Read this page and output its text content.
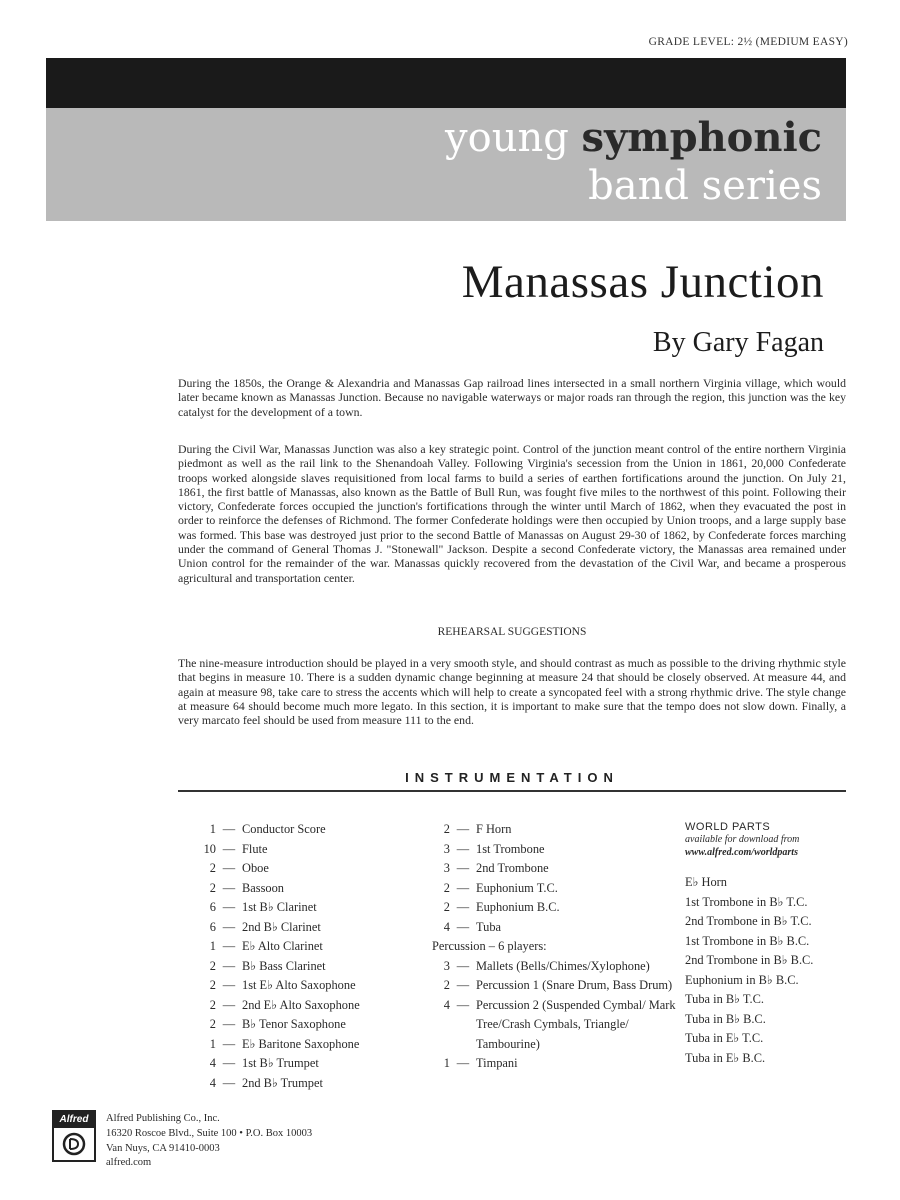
GRADE LEVEL: 2½ (MEDIUM EASY)
young symphonic
band series
Manassas Junction
By Gary Fagan

During the 1850s, the Orange & Alexandria and Manassas Gap railroad lines intersected in a small northern Virginia village, which would later became known as Manassas Junction. Because no navigable waterways or major roads ran through the region, this junction was the key catalyst for the development of a town.

During the Civil War, Manassas Junction was also a key strategic point. Control of the junction meant control of the entire northern Virginia piedmont as well as the rail link to the Shenandoah Valley. Following Virginia's secession from the Union in 1861, 20,000 Confederate troops worked alongside slaves requisitioned from local farms to build a series of earthen fortifications around the junction. On July 21, 1861, the first battle of Manassas, also known as the Battle of Bull Run, was fought five miles to the northwest of this point. Following their victory, Confederate forces occupied the junction's fortifications through the winter until March of 1862, when they evacuated the post in order to reinforce the defenses of Richmond. The former Confederate holdings were then occupied by Union troops, and a large supply base was formed. This base was destroyed just prior to the second Battle of Manassas on August 29-30 of 1862, by Confederate forces marching under the command of General Thomas J. "Stonewall" Jackson. Despite a second Confederate victory, the Manassas area remained under Union control for the remainder of the war. Manassas quickly recovered from the devastation of the Civil War, and became a prosperous agricultural and transportation center.

REHEARSAL SUGGESTIONS

The nine-measure introduction should be played in a very smooth style, and should contrast as much as possible to the driving rhythmic style that begins in measure 10. There is a sudden dynamic change beginning at measure 24 that should be closely observed. At measure 44, and again at measure 98, take care to stress the accents which will help to create a syncopated feel with a strong rhythmic drive. The style change at measure 64 should become much more legato. In this section, it is important to make sure that the tempo does not slow down. Finally, a very marcato feel should be used from measure 111 to the end.

INSTRUMENTATION
1 — Conductor Score
10 — Flute
2 — Oboe
2 — Bassoon
6 — 1st B♭ Clarinet
6 — 2nd B♭ Clarinet
1 — E♭ Alto Clarinet
2 — B♭ Bass Clarinet
2 — 1st E♭ Alto Saxophone
2 — 2nd E♭ Alto Saxophone
2 — B♭ Tenor Saxophone
1 — E♭ Baritone Saxophone
4 — 1st B♭ Trumpet
4 — 2nd B♭ Trumpet
2 — F Horn
3 — 1st Trombone
3 — 2nd Trombone
2 — Euphonium T.C.
2 — Euphonium B.C.
4 — Tuba
Percussion – 6 players:
3 — Mallets (Bells/Chimes/Xylophone)
2 — Percussion 1 (Snare Drum, Bass Drum)
4 — Percussion 2 (Suspended Cymbal/ Mark Tree/Crash Cymbals, Triangle/ Tambourine)
1 — Timpani
WORLD PARTS
available for download from
www.alfred.com/worldparts
E♭ Horn
1st Trombone in B♭ T.C.
2nd Trombone in B♭ T.C.
1st Trombone in B♭ B.C.
2nd Trombone in B♭ B.C.
Euphonium in B♭ B.C.
Tuba in B♭ T.C.
Tuba in B♭ B.C.
Tuba in E♭ T.C.
Tuba in E♭ B.C.
Alfred	Alfred Publishing Co., Inc.
16320 Roscoe Blvd., Suite 100 • P.O. Box 10003
Van Nuys, CA 91410-0003
alfred.com
